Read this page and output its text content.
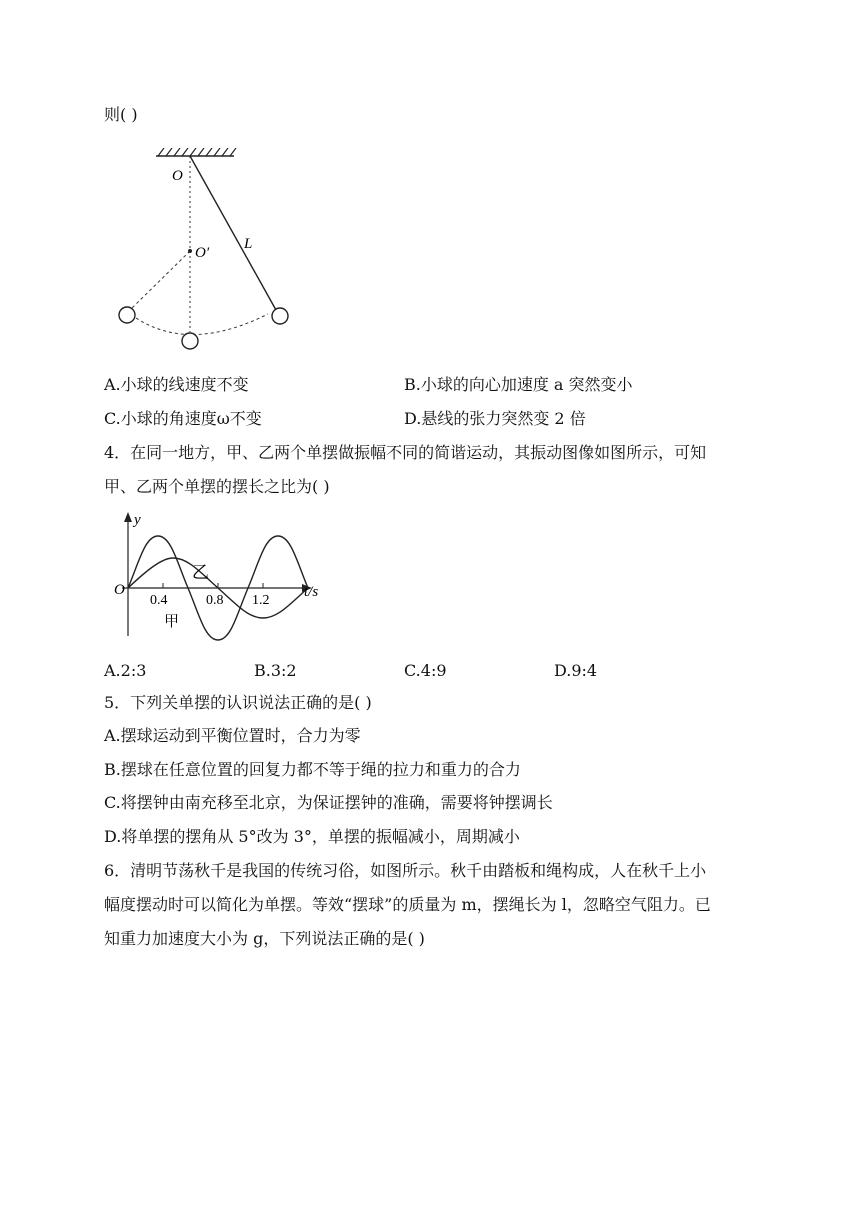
则( )
O
O′
L
A.小球的线速度不变	B.小球的向心加速度 a 突然变小
C.小球的角速度ω不变	D.悬线的张力突然变 2 倍
4．在同一地方，甲、乙两个单摆做振幅不同的简谐运动，其振动图像如图所示，可知
甲、乙两个单摆的摆长之比为( )
y
t/s
O
0.4	0.8 1.2
乙
甲
A.2:3	B.3:2	C.4:9	D.9:4
5．下列关单摆的认识说法正确的是( )
A.摆球运动到平衡位置时，合力为零
B.摆球在任意位置的回复力都不等于绳的拉力和重力的合力
C.将摆钟由南充移至北京，为保证摆钟的准确，需要将钟摆调长
D.将单摆的摆角从 5°改为 3°，单摆的振幅减小，周期减小
6．清明节荡秋千是我国的传统习俗，如图所示。秋千由踏板和绳构成，人在秋千上小
幅度摆动时可以简化为单摆。等效“摆球”的质量为 m，摆绳长为 l，忽略空气阻力。已
知重力加速度大小为 g，下列说法正确的是( )
